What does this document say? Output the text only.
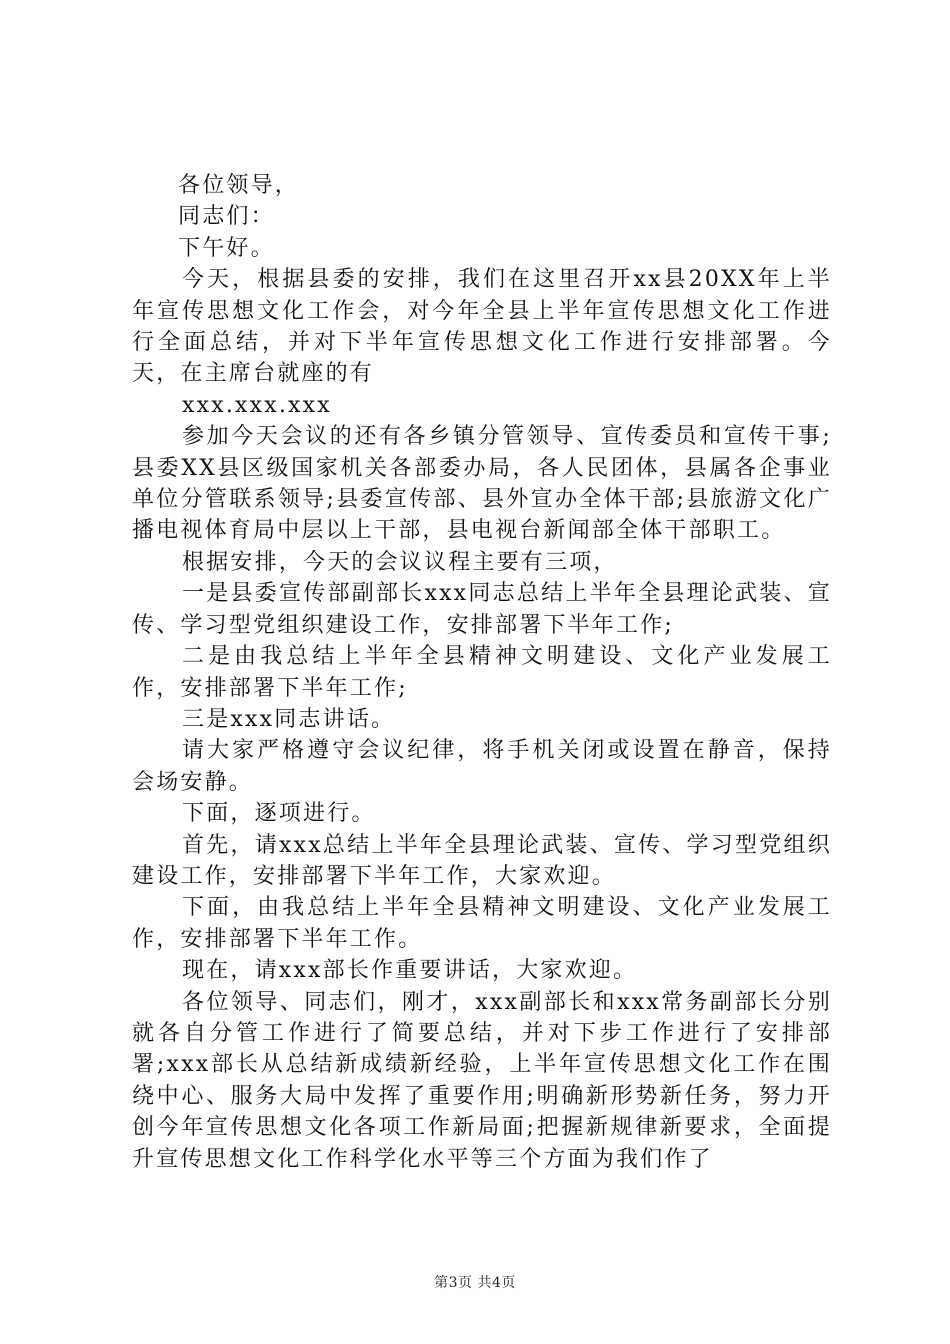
各位领导，

同志们：

下午好。

今天，根据县委的安排，我们在这里召开xx县20XX年上半年宣传思想文化工作会，对今年全县上半年宣传思想文化工作进行全面总结，并对下半年宣传思想文化工作进行安排部署。今天，在主席台就座的有

xxx.xxx.xxx

参加今天会议的还有各乡镇分管领导、宣传委员和宣传干事;县委XX县区级国家机关各部委办局，各人民团体，县属各企事业单位分管联系领导;县委宣传部、县外宣办全体干部;县旅游文化广播电视体育局中层以上干部，县电视台新闻部全体干部职工。

根据安排，今天的会议议程主要有三项，

一是县委宣传部副部长xxx同志总结上半年全县理论武装、宣传、学习型党组织建设工作，安排部署下半年工作;

二是由我总结上半年全县精神文明建设、文化产业发展工作，安排部署下半年工作;

三是xxx同志讲话。

请大家严格遵守会议纪律，将手机关闭或设置在静音，保持会场安静。

下面，逐项进行。

首先，请xxx总结上半年全县理论武装、宣传、学习型党组织建设工作，安排部署下半年工作，大家欢迎。

下面，由我总结上半年全县精神文明建设、文化产业发展工作，安排部署下半年工作。

现在，请xxx部长作重要讲话，大家欢迎。

各位领导、同志们，刚才，xxx副部长和xxx常务副部长分别就各自分管工作进行了简要总结，并对下步工作进行了安排部署;xxx部长从总结新成绩新经验，上半年宣传思想文化工作在围绕中心、服务大局中发挥了重要作用;明确新形势新任务，努力开创今年宣传思想文化各项工作新局面;把握新规律新要求，全面提升宣传思想文化工作科学化水平等三个方面为我们作了

第3页 共4页
